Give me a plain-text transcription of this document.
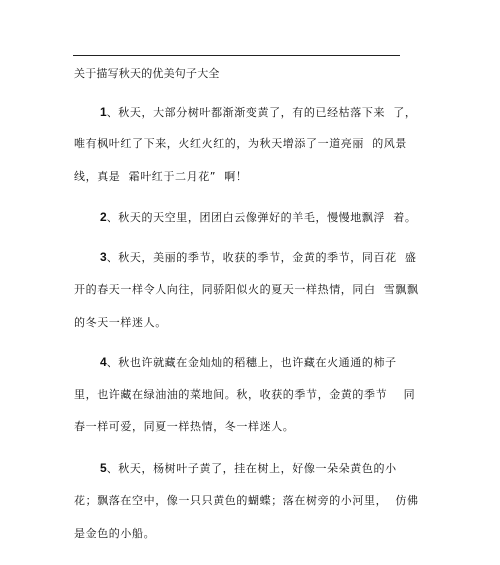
关于描写秋天的优美句子大全
1、秋天，大部分树叶都渐渐变黄了，有的已经枯落下来  了，
唯有枫叶红了下来，火红火红的，为秋天增添了一道亮丽  的风景
线，真是  霜叶红于二月花”  啊！
2、秋天的天空里，团团白云像弹好的羊毛，慢慢地飘浮  着。
3、秋天，美丽的季节，收获的季节，金黄的季节，同百花  盛
开的春天一样令人向往，同骄阳似火的夏天一样热情，同白  雪飘飘
的冬天一样迷人。
4、秋也许就藏在金灿灿的稻穗上，也许藏在火通通的柿子
里，也许藏在绿油油的菜地间。秋，收获的季节，金黄的季节    同
春一样可爱，同夏一样热情，冬一样迷人。
5、秋天，杨树叶子黄了，挂在树上，好像一朵朵黄色的小
花；飘落在空中，像一只只黄色的蝴蝶；落在树旁的小河里，  仿佛
是金色的小船。
